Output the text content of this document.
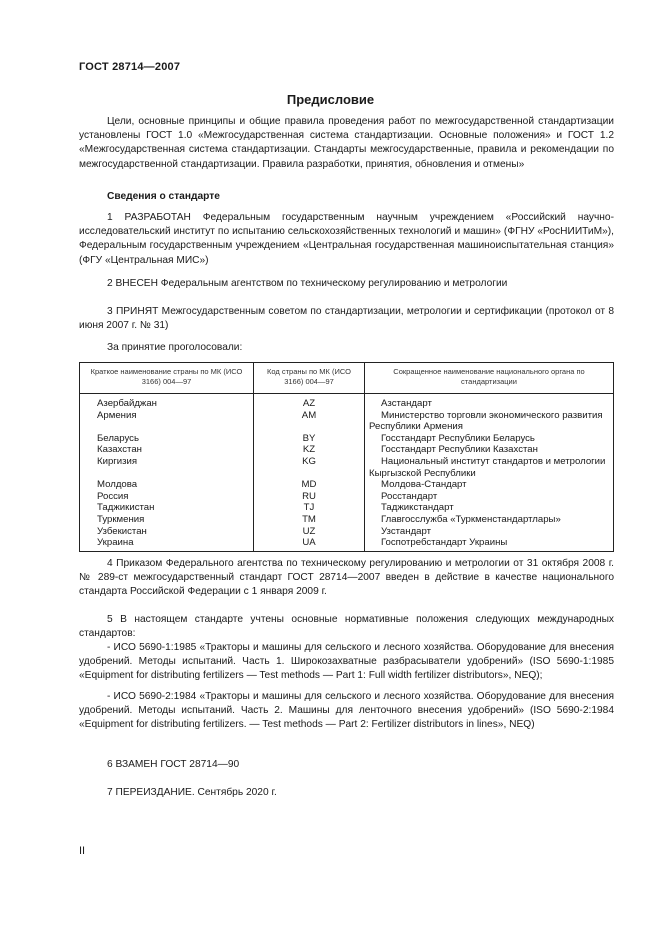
ГОСТ 28714—2007
Предисловие
Цели, основные принципы и общие правила проведения работ по межгосударственной стандартизации установлены ГОСТ 1.0 «Межгосударственная система стандартизации. Основные положения» и ГОСТ 1.2 «Межгосударственная система стандартизации. Стандарты межгосударственные, правила и рекомендации по межгосударственной стандартизации. Правила разработки, принятия, обновления и отмены»
Сведения о стандарте
1 РАЗРАБОТАН Федеральным государственным научным учреждением «Российский научно-исследовательский институт по испытанию сельскохозяйственных технологий и машин» (ФГНУ «РосНИИТиМ»), Федеральным государственным учреждением «Центральная государственная машиноиспытательная станция» (ФГУ «Центральная МИС»)
2 ВНЕСЕН Федеральным агентством по техническому регулированию и метрологии
3 ПРИНЯТ Межгосударственным советом по стандартизации, метрологии и сертификации (протокол от 8 июня 2007 г. № 31)
За принятие проголосовали:
Краткое наименование страны по МК (ИСО 3166) 004—97	Код страны по МК (ИСО 3166) 004—97	Сокращенное наименование национального органа по стандартизации
Азербайджан	AZ	Азстандарт

Армения	AM	Министерство торговли экономического развития
Республики Армения
Беларусь	BY	Госстандарт Республики Беларусь

Казахстан	KZ	Госстандарт Республики Казахстан

Киргизия	KG	Национальный институт стандартов и метрологии
Кыргызской Республики
Молдова	MD	Молдова-Стандарт

Россия	RU	Росстандарт

Таджикистан	TJ	Таджикстандарт

Туркмения	TM	Главгосслужба «Туркменстандартлары»

Узбекистан	UZ	Узстандарт

Украина	UA	Госпотребстандарт Украины
4 Приказом Федерального агентства по техническому регулированию и метрологии от 31 октября 2008 г. № 289-ст межгосударственный стандарт ГОСТ 28714—2007 введен в действие в качестве национального стандарта Российской Федерации с 1 января 2009 г.
5 В настоящем стандарте учтены основные нормативные положения следующих международных стандартов:
- ИСО 5690-1:1985 «Тракторы и машины для сельского и лесного хозяйства. Оборудование для внесения удобрений. Методы испытаний. Часть 1. Широкозахватные разбрасыватели удобрений» (ISO 5690-1:1985 «Equipment for distributing fertilizers — Test methods — Part 1: Full width fertilizer distributors», NEQ);
- ИСО 5690-2:1984 «Тракторы и машины для сельского и лесного хозяйства. Оборудование для внесения удобрений. Методы испытаний. Часть 2. Машины для ленточного внесения удобрений» (ISO 5690-2:1984 «Equipment for distributing fertilizers. — Test methods — Part 2: Fertilizer distributors in lines», NEQ)
6 ВЗАМЕН ГОСТ 28714—90
7 ПЕРЕИЗДАНИЕ. Сентябрь 2020 г.
II
